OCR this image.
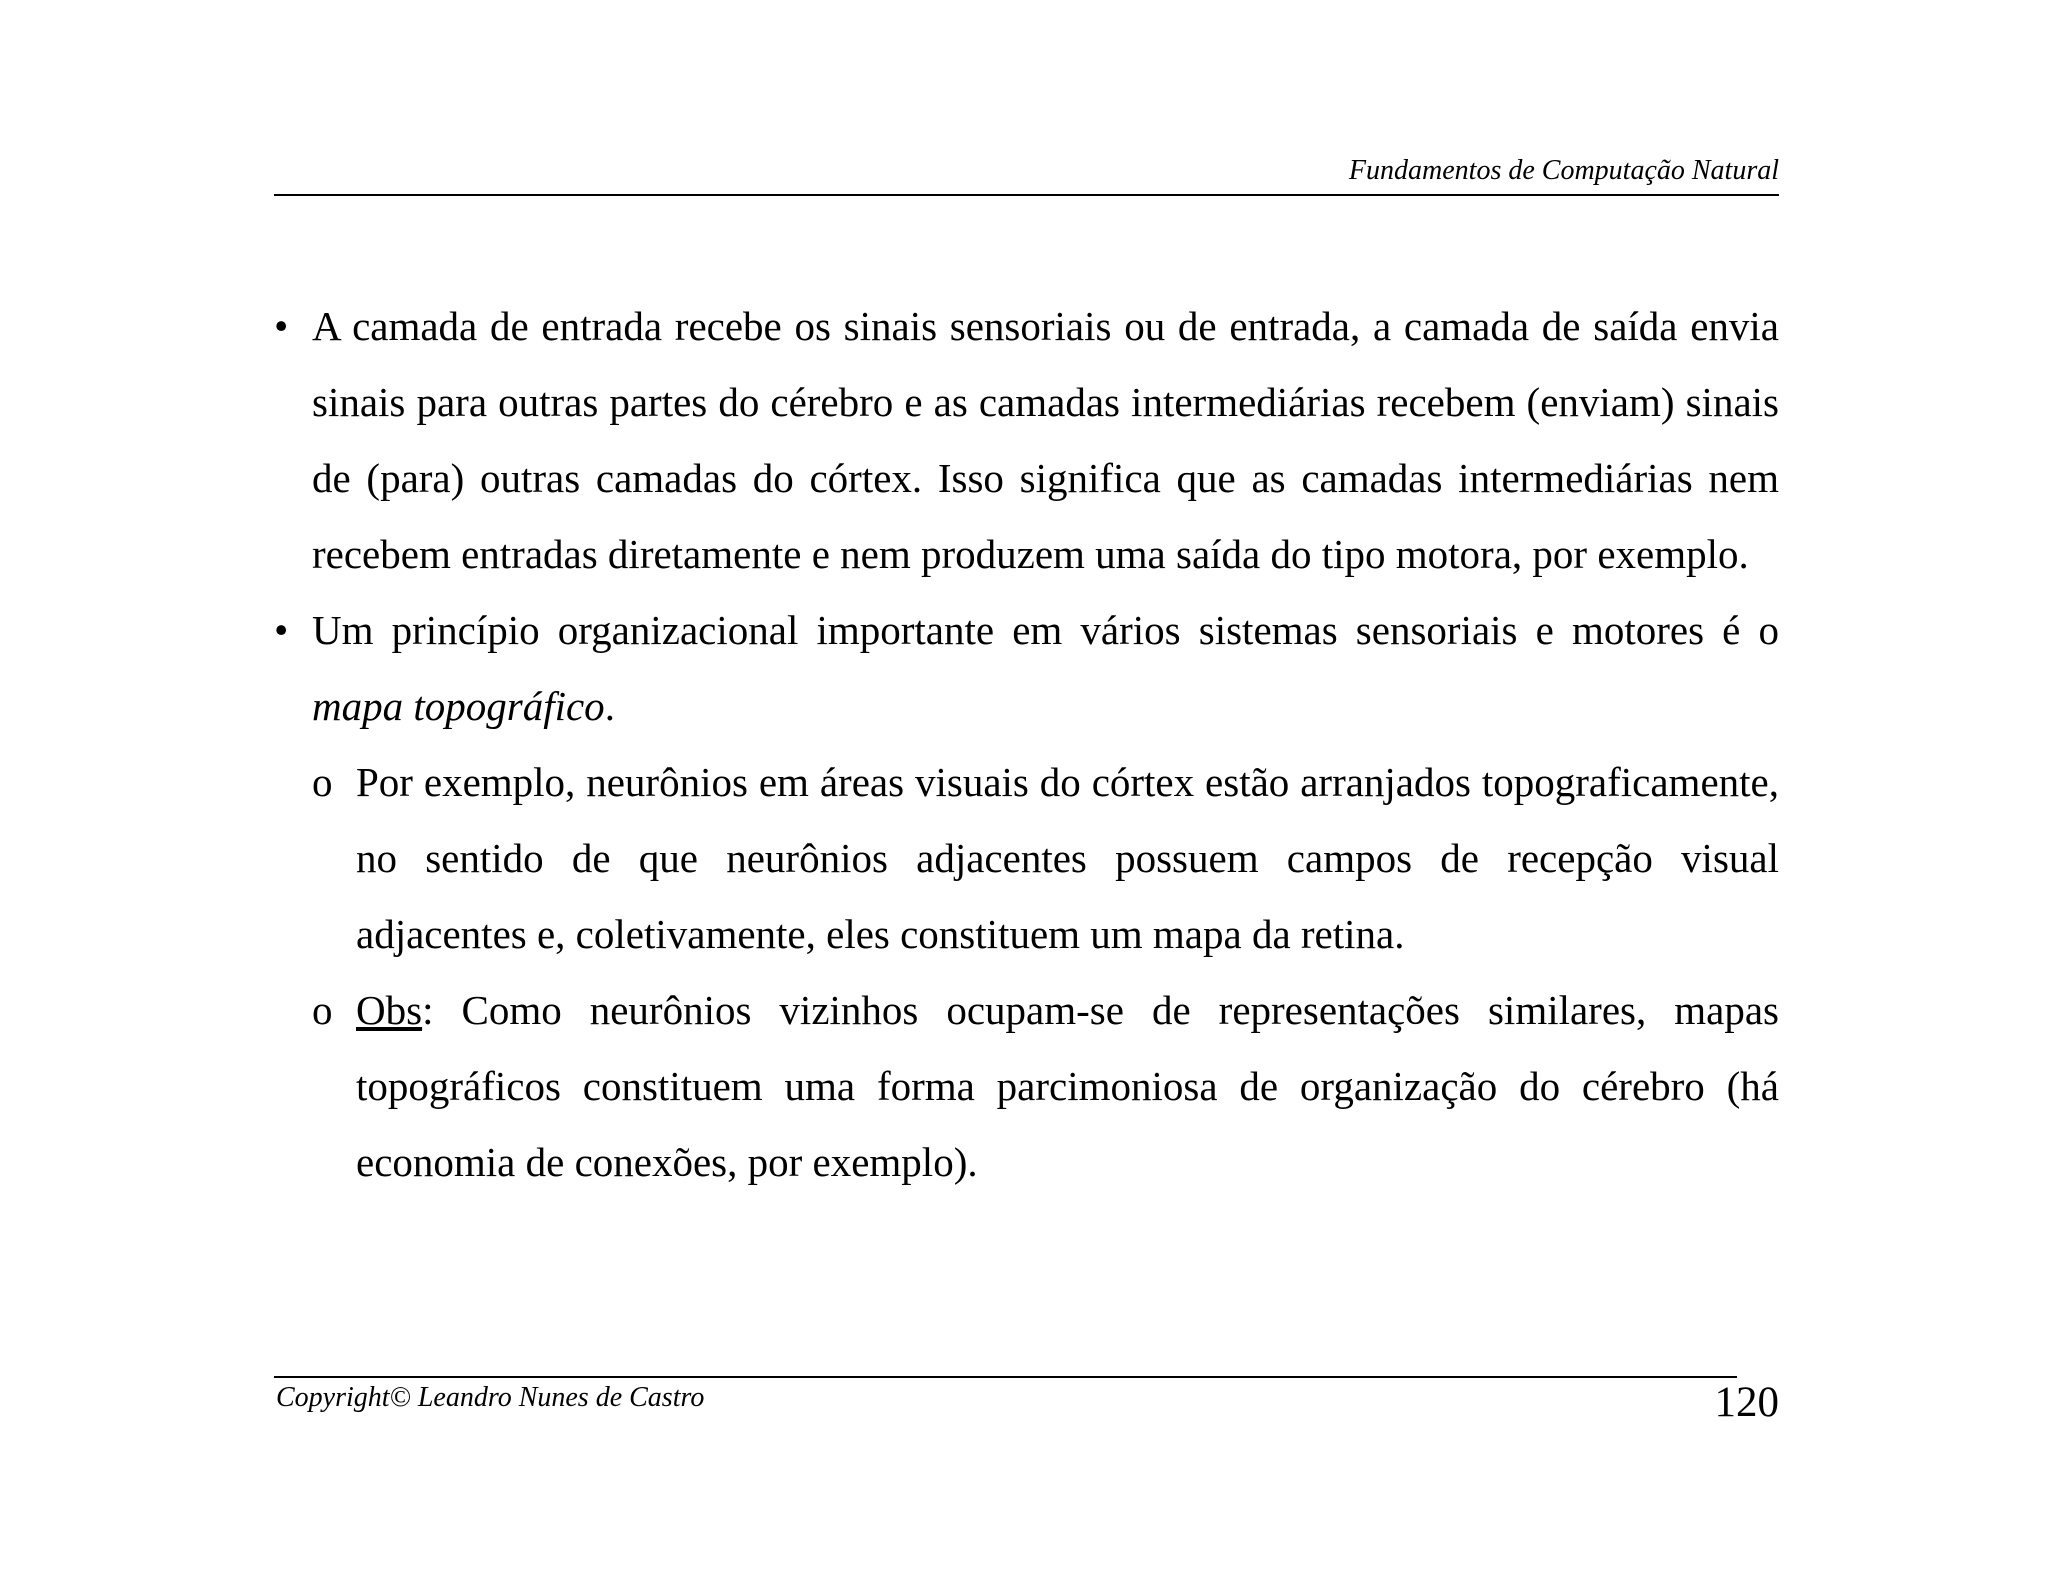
Fundamentos de Computação Natural
• A camada de entrada recebe os sinais sensoriais ou de entrada, a camada de saída envia sinais para outras partes do cérebro e as camadas intermediárias recebem (enviam) sinais de (para) outras camadas do córtex. Isso significa que as camadas intermediárias nem recebem entradas diretamente e nem produzem uma saída do tipo motora, por exemplo.
• Um princípio organizacional importante em vários sistemas sensoriais e motores é o mapa topográfico.
o Por exemplo, neurônios em áreas visuais do córtex estão arranjados topograficamente, no sentido de que neurônios adjacentes possuem campos de recepção visual adjacentes e, coletivamente, eles constituem um mapa da retina.
o Obs: Como neurônios vizinhos ocupam-se de representações similares, mapas topográficos constituem uma forma parcimoniosa de organização do cérebro (há economia de conexões, por exemplo).
Copyright© Leandro Nunes de Castro	120
